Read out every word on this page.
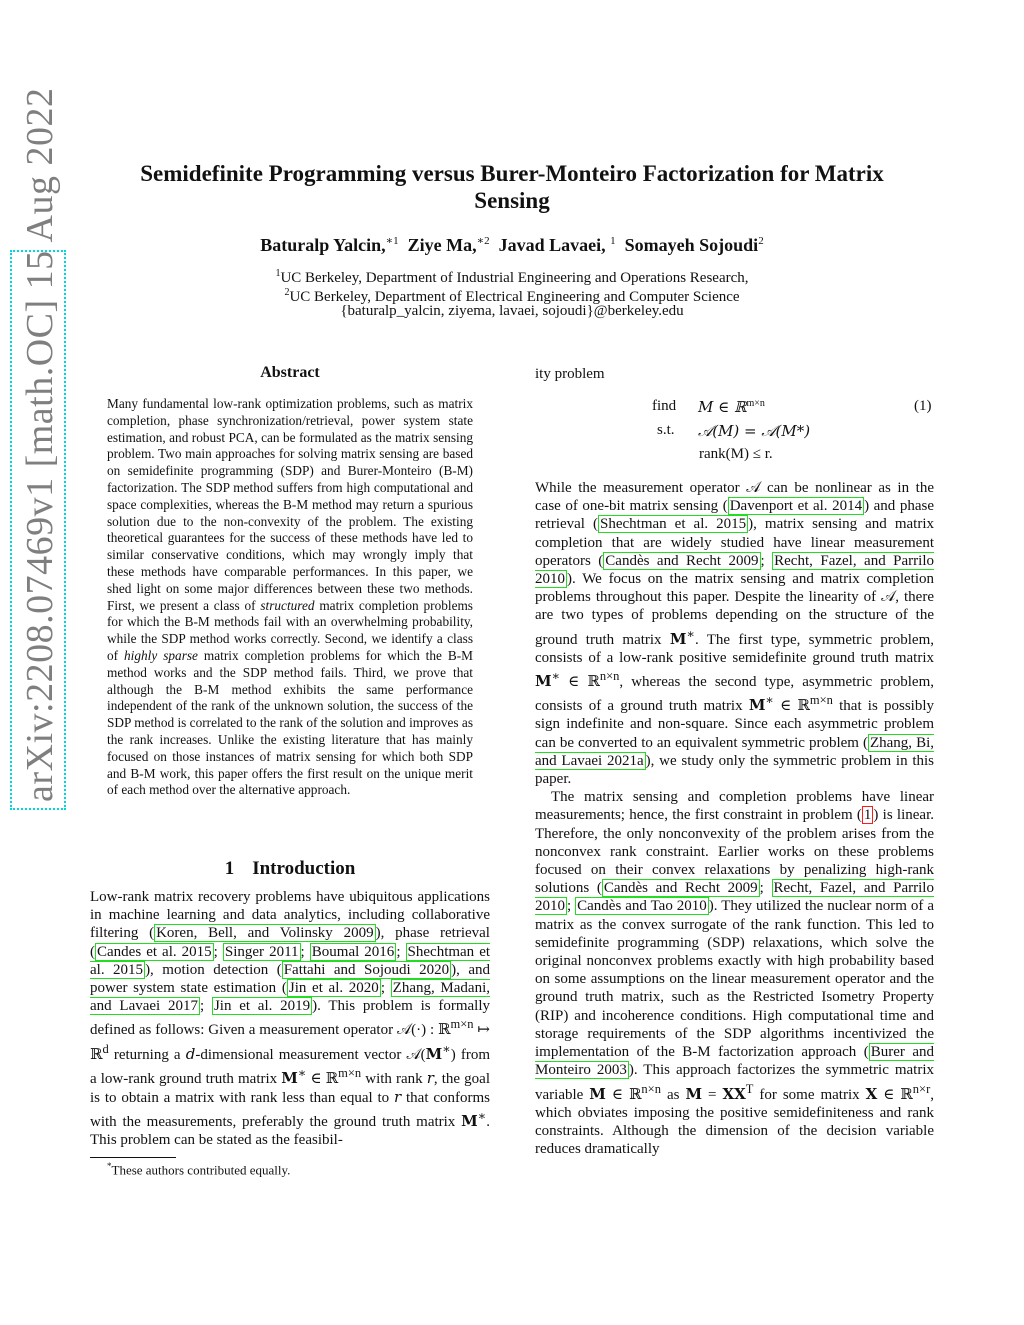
arXiv:2208.07469v1 [math.OC] 15 Aug 2022	Semidefinite Programming versus Burer-Monteiro Factorization for Matrix
Sensing
Baturalp Yalcin,$^{∗1}$ Ziye Ma,$^{∗2}$ Javad Lavaei, $^1$ Somayeh Sojoudi$^2$
$^1$UC Berkeley, Department of Industrial Engineering and Operations Research,
$^2$UC Berkeley, Department of Electrical Engineering and Computer Science
{baturalp_yalcin, ziyema, lavaei, sojoudi}@berkeley.edu
Abstract
Many fundamental low-rank optimization problems, such as matrix completion, phase synchronization/retrieval, power system state estimation, and robust PCA, can be formulated as the matrix sensing problem. Two main approaches for solving matrix sensing are based on semidefinite programming (SDP) and Burer-Monteiro (B-M) factorization. The SDP method suffers from high computational and space complexities, whereas the B-M method may return a spurious solution due to the non-convexity of the problem. The existing theoretical guarantees for the success of these methods have led to similar conservative conditions, which may wrongly imply that these methods have comparable performances. In this paper, we shed light on some major differences between these two methods. First, we present a class of structured matrix completion problems for which the B-M methods fail with an overwhelming probability, while the SDP method works correctly. Second, we identify a class of highly sparse matrix completion problems for which the B-M method works and the SDP method fails. Third, we prove that although the B-M method exhibits the same performance independent of the rank of the unknown solution, the success of the SDP method is correlated to the rank of the solution and improves as the rank increases. Unlike the existing literature that has mainly focused on those instances of matrix sensing for which both SDP and B-M work, this paper offers the first result on the unique merit of each method over the alternative approach.
1 Introduction
Low-rank matrix recovery problems have ubiquitous applications in machine learning and data analytics, including collaborative filtering ( Koren, Bell, and Volinsky 2009 ), phase retrieval ( Candes et al. 2015 ; Singer 2011 ; Boumal 2016 ; Shechtman et al. 2015 ), motion detection ( Fattahi and Sojoudi 2020 ), and power system state estimation ( Jin et al. 2020 ; Zhang, Madani, and Lavaei 2017 ; Jin et al. 2019 ). This problem is formally defined as follows: Given a measurement operator 𝒜(·) : ℝ$^{m\times n}$ ↦ ℝ$^d$ returning a d-dimensional measurement vector 𝒜(M∗) from a low-rank ground truth matrix M∗ ∈ ℝ$^{m\times n}$ with rank r, the goal is to obtain a matrix with rank less than equal to r that conforms with the measurements, preferably the ground truth matrix M∗. This problem can be stated as the feasibil-
*These authors contributed equally.
ity problem
find M ∈ ℝ$^{m\times n}$	(1)
s.t. 𝒜(M) = 𝒜(M*)
rank(M) ≤ r.

While the measurement operator 𝒜 can be nonlinear as in the case of one-bit matrix sensing ( Davenport et al. 2014 ) and phase retrieval ( Shechtman et al. 2015 ), matrix sensing and matrix completion that are widely studied have linear measurement operators ( Candès and Recht 2009 ; Recht, Fazel, and Parrilo 2010 ). We focus on the matrix sensing and matrix completion problems throughout this paper. Despite the linearity of 𝒜, there are two types of problems depending on the structure of the ground truth matrix M∗. The first type, symmetric problem, consists of a low-rank positive semidefinite ground truth matrix M∗ ∈ ℝ$^{n\times n}$, whereas the second type, asymmetric problem, consists of a ground truth matrix M∗ ∈ ℝ$^{m\times n}$ that is possibly sign indefinite and non-square. Since each asymmetric problem can be converted to an equivalent symmetric problem ( Zhang, Bi, and Lavaei 2021a ), we study only the symmetric problem in this paper.

The matrix sensing and completion problems have linear measurements; hence, the first constraint in problem ( 1 ) is linear. Therefore, the only nonconvexity of the problem arises from the nonconvex rank constraint. Earlier works on these problems focused on their convex relaxations by penalizing high-rank solutions ( Candès and Recht 2009 ; Recht, Fazel, and Parrilo 2010 ; Candès and Tao 2010 ). They utilized the nuclear norm of a matrix as the convex surrogate of the rank function. This led to semidefinite programming (SDP) relaxations, which solve the original nonconvex problems exactly with high probability based on some assumptions on the linear measurement operator and the ground truth matrix, such as the Restricted Isometry Property (RIP) and incoherence conditions. High computational time and storage requirements of the SDP algorithms incentivized the implementation of the B-M factorization approach ( Burer and Monteiro 2003 ). This approach factorizes the symmetric matrix variable M ∈ ℝ$^{n\times n}$ as $M = XX^T$ for some matrix X ∈ ℝ$^{n\times r}$, which obviates imposing the positive semidefiniteness and rank constraints. Although the dimension of the decision variable reduces dramatically
